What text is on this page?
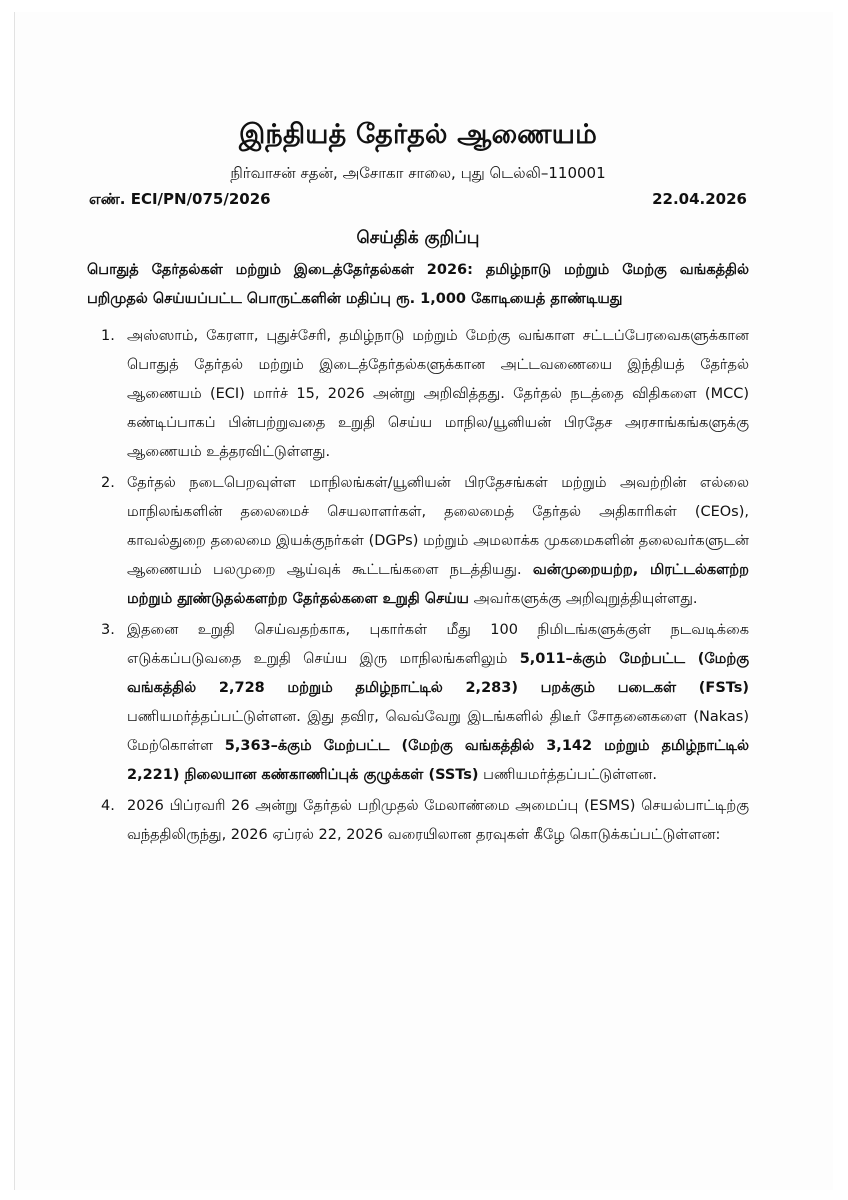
இந்தியத் தேர்தல் ஆணையம்

நிர்வாசன் சதன், அசோகா சாலை, புது டெல்லி–110001

எண். ECI/PN/075/2026	22.04.2026
செய்திக் குறிப்பு

பொதுத் தேர்தல்கள் மற்றும் இடைத்தேர்தல்கள் 2026: தமிழ்நாடு மற்றும் மேற்கு வங்கத்தில் பறிமுதல் செய்யப்பட்ட பொருட்களின் மதிப்பு ரூ. 1,000 கோடியைத் தாண்டியது

1. அஸ்ஸாம், கேரளா, புதுச்சேரி, தமிழ்நாடு மற்றும் மேற்கு வங்காள சட்டப்பேரவைகளுக்கான பொதுத் தேர்தல் மற்றும் இடைத்தேர்தல்களுக்கான அட்டவணையை இந்தியத் தேர்தல் ஆணையம் (ECI) மார்ச் 15, 2026 அன்று அறிவித்தது. தேர்தல் நடத்தை விதிகளை (MCC) கண்டிப்பாகப் பின்பற்றுவதை உறுதி செய்ய மாநில/யூனியன் பிரதேச அரசாங்கங்களுக்கு ஆணையம் உத்தரவிட்டுள்ளது.
2. தேர்தல் நடைபெறவுள்ள மாநிலங்கள்/யூனியன் பிரதேசங்கள் மற்றும் அவற்றின் எல்லை மாநிலங்களின் தலைமைச் செயலாளர்கள், தலைமைத் தேர்தல் அதிகாரிகள் (CEOs), காவல்துறை தலைமை இயக்குநர்கள் (DGPs) மற்றும் அமலாக்க முகமைகளின் தலைவர்களுடன் ஆணையம் பலமுறை ஆய்வுக் கூட்டங்களை நடத்தியது. வன்முறையற்ற, மிரட்டல்களற்ற மற்றும் தூண்டுதல்களற்ற தேர்தல்களை உறுதி செய்ய அவர்களுக்கு அறிவுறுத்தியுள்ளது.
3. இதனை உறுதி செய்வதற்காக, புகார்கள் மீது 100 நிமிடங்களுக்குள் நடவடிக்கை எடுக்கப்படுவதை உறுதி செய்ய இரு மாநிலங்களிலும் 5,011–க்கும் மேற்பட்ட (மேற்கு வங்கத்தில் 2,728 மற்றும் தமிழ்நாட்டில் 2,283) பறக்கும் படைகள் (FSTs) பணியமர்த்தப்பட்டுள்ளன. இது தவிர, வெவ்வேறு இடங்களில் திடீர் சோதனைகளை (Nakas) மேற்கொள்ள 5,363–க்கும் மேற்பட்ட (மேற்கு வங்கத்தில் 3,142 மற்றும் தமிழ்நாட்டில் 2,221) நிலையான கண்காணிப்புக் குழுக்கள் (SSTs) பணியமர்த்தப்பட்டுள்ளன.
4. 2026 பிப்ரவரி 26 அன்று தேர்தல் பறிமுதல் மேலாண்மை அமைப்பு (ESMS) செயல்பாட்டிற்கு வந்ததிலிருந்து, 2026 ஏப்ரல் 22, 2026 வரையிலான தரவுகள் கீழே கொடுக்கப்பட்டுள்ளன:
